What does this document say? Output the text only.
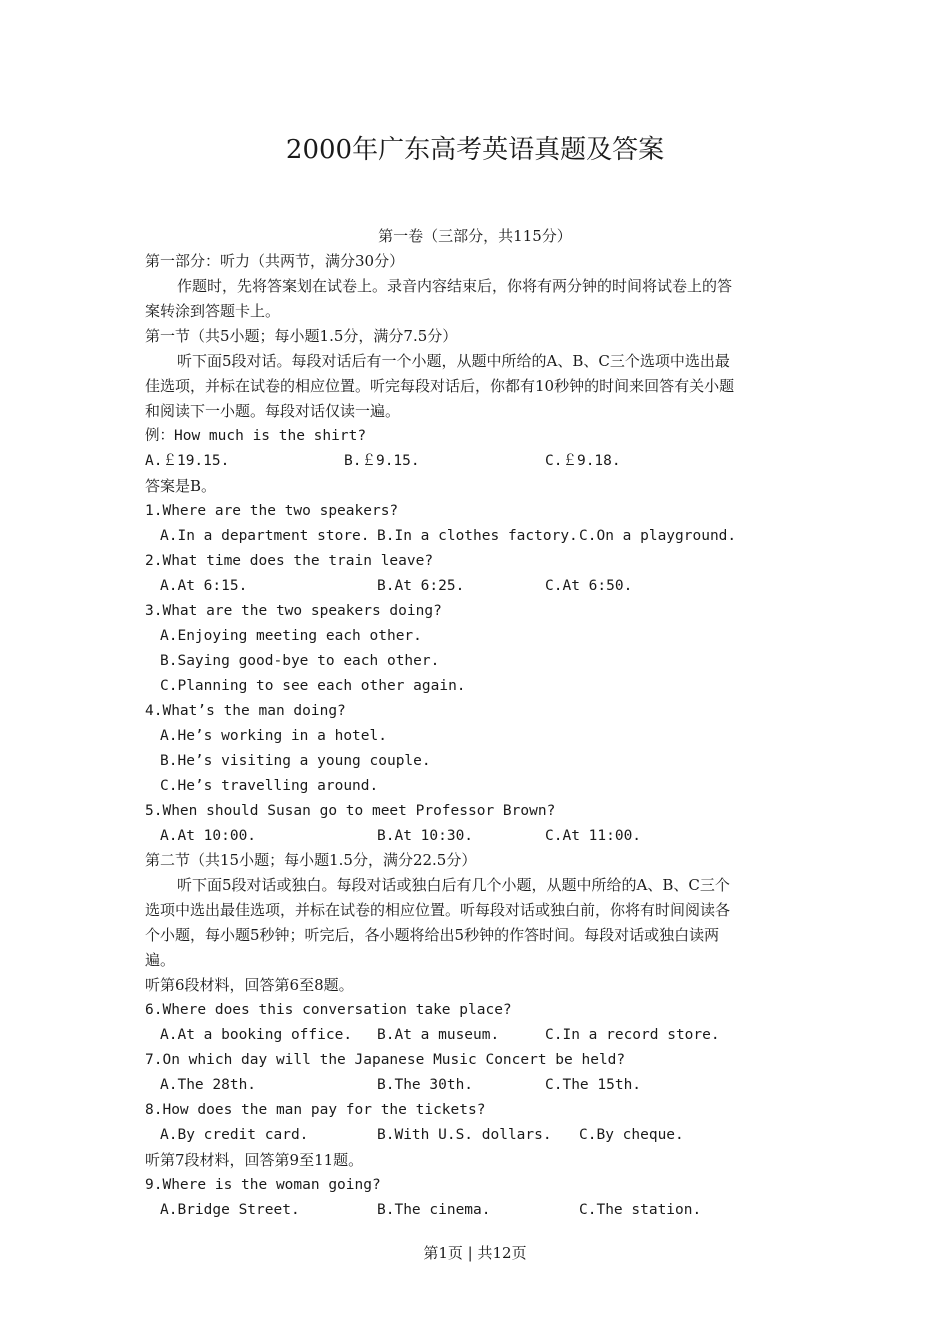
2000年广东高考英语真题及答案
第一卷（三部分，共115分）
第一部分：听力（共两节，满分30分）
作题时，先将答案划在试卷上。录音内容结束后，你将有两分钟的时间将试卷上的答
案转涂到答题卡上。
第一节（共5小题；每小题1.5分，满分7.5分）
听下面5段对话。每段对话后有一个小题，从题中所给的A、B、C三个选项中选出最
佳选项，并标在试卷的相应位置。听完每段对话后，你都有10秒钟的时间来回答有关小题
和阅读下一小题。每段对话仅读一遍。
例：How much is the shirt?
A.￡19.15.	B.￡9.15.	C.￡9.18.
答案是B。
1.Where are the two speakers?
A.In a department store. B.In a clothes factory. C.On a playground.
2.What time does the train leave?
A.At 6:15.	B.At 6:25.	C.At 6:50.
3.What are the two speakers doing?
A.Enjoying meeting each other.
B.Saying good-bye to each other.
C.Planning to see each other again.
4.What’s the man doing?
A.He’s working in a hotel.
B.He’s visiting a young couple.
C.He’s travelling around.
5.When should Susan go to meet Professor Brown?
A.At 10:00.	B.At 10:30.	C.At 11:00.
第二节（共15小题；每小题1.5分，满分22.5分）
听下面5段对话或独白。每段对话或独白后有几个小题，从题中所给的A、B、C三个
选项中选出最佳选项，并标在试卷的相应位置。听每段对话或独白前，你将有时间阅读各
个小题，每小题5秒钟；听完后，各小题将给出5秒钟的作答时间。每段对话或独白读两
遍。
听第6段材料，回答第6至8题。
6.Where does this conversation take place?
A.At a booking office. B.At a museum.	C.In a record store.
7.On which day will the Japanese Music Concert be held?
A.The 28th.	B.The 30th.	C.The 15th.
8.How does the man pay for the tickets?
A.By credit card.	B.With U.S. dollars. C.By cheque.
听第7段材料，回答第9至11题。
9.Where is the woman going?
A.Bridge Street.	B.The cinema.	C.The station.
第1页 | 共12页
